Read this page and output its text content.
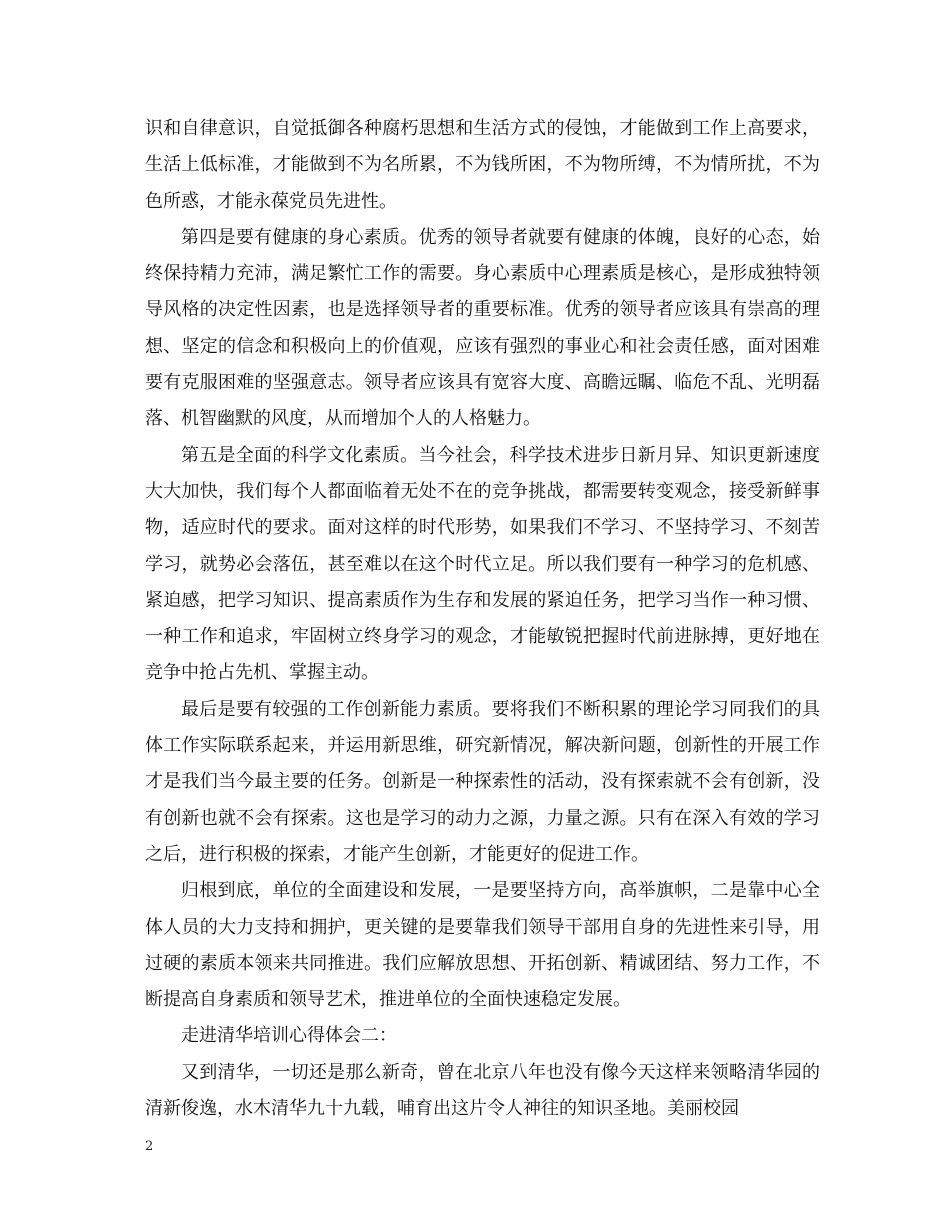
识和自律意识，自觉抵御各种腐朽思想和生活方式的侵蚀，才能做到工作上高要求，生活上低标准，才能做到不为名所累，不为钱所困，不为物所缚，不为情所扰，不为色所惑，才能永葆党员先进性。

第四是要有健康的身心素质。优秀的领导者就要有健康的体魄，良好的心态，始终保持精力充沛，满足繁忙工作的需要。身心素质中心理素质是核心，是形成独特领导风格的决定性因素，也是选择领导者的重要标准。优秀的领导者应该具有崇高的理想、坚定的信念和积极向上的价值观，应该有强烈的事业心和社会责任感，面对困难要有克服困难的坚强意志。领导者应该具有宽容大度、高瞻远瞩、临危不乱、光明磊落、机智幽默的风度，从而增加个人的人格魅力。

第五是全面的科学文化素质。当今社会，科学技术进步日新月异、知识更新速度大大加快，我们每个人都面临着无处不在的竞争挑战，都需要转变观念，接受新鲜事物，适应时代的要求。面对这样的时代形势，如果我们不学习、不坚持学习、不刻苦学习，就势必会落伍，甚至难以在这个时代立足。所以我们要有一种学习的危机感、紧迫感，把学习知识、提高素质作为生存和发展的紧迫任务，把学习当作一种习惯、一种工作和追求，牢固树立终身学习的观念，才能敏锐把握时代前进脉搏，更好地在竞争中抢占先机、掌握主动。

最后是要有较强的工作创新能力素质。要将我们不断积累的理论学习同我们的具体工作实际联系起来，并运用新思维，研究新情况，解决新问题，创新性的开展工作才是我们当今最主要的任务。创新是一种探索性的活动，没有探索就不会有创新，没有创新也就不会有探索。这也是学习的动力之源，力量之源。只有在深入有效的学习之后，进行积极的探索，才能产生创新，才能更好的促进工作。

归根到底，单位的全面建设和发展，一是要坚持方向，高举旗帜，二是靠中心全体人员的大力支持和拥护，更关键的是要靠我们领导干部用自身的先进性来引导，用过硬的素质本领来共同推进。我们应解放思想、开拓创新、精诚团结、努力工作，不断提高自身素质和领导艺术，推进单位的全面快速稳定发展。

走进清华培训心得体会二：

又到清华，一切还是那么新奇，曾在北京八年也没有像今天这样来领略清华园的清新俊逸，水木清华九十九载，哺育出这片令人神往的知识圣地。美丽校园

2
